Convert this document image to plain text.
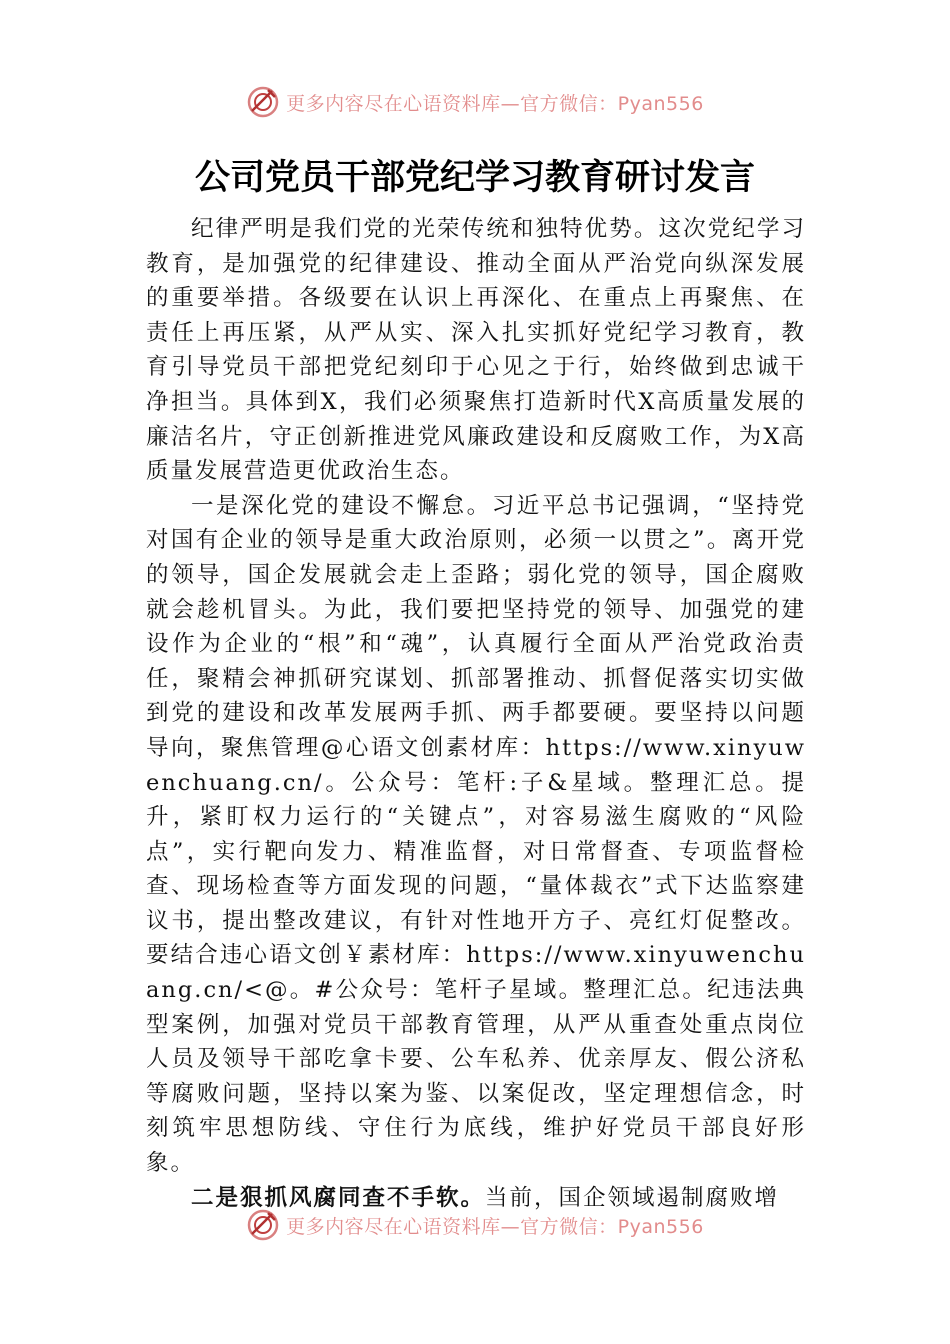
更多内容尽在心语资料库—官方微信：Pyan556
公司党员干部党纪学习教育研讨发言

纪律严明是我们党的光荣传统和独特优势。这次党纪学习教育，是加强党的纪律建设、推动全面从严治党向纵深发展的重要举措。各级要在认识上再深化、在重点上再聚焦、在责任上再压紧，从严从实、深入扎实抓好党纪学习教育，教育引导党员干部把党纪刻印于心见之于行，始终做到忠诚干净担当。具体到X，我们必须聚焦打造新时代X高质量发展的廉洁名片，守正创新推进党风廉政建设和反腐败工作，为X高质量发展营造更优政治生态。

一是深化党的建设不懈怠。习近平总书记强调，“坚持党对国有企业的领导是重大政治原则，必须一以贯之”。离开党的领导，国企发展就会走上歪路；弱化党的领导，国企腐败就会趁机冒头。为此，我们要把坚持党的领导、加强党的建设作为企业的“根”和“魂”，认真履行全面从严治党政治责任，聚精会神抓研究谋划、抓部署推动、抓督促落实切实做到党的建设和改革发展两手抓、两手都要硬。要坚持以问题导向，聚焦管理@心语文创素材库：https://www.xinyuwenchuang.cn/。公众号：笔杆:子&星域。整理汇总。提升，紧盯权力运行的“关键点”，对容易滋生腐败的“风险点”，实行靶向发力、精准监督，对日常督查、专项监督检查、现场检查等方面发现的问题，“量体裁衣”式下达监察建议书，提出整改建议，有针对性地开方子、亮红灯促整改。要结合违心语文创￥素材库：https://www.xinyuwenchuang.cn/<@。#公众号：笔杆子星域。整理汇总。纪违法典型案例，加强对党员干部教育管理，从严从重查处重点岗位人员及领导干部吃拿卡要、公车私养、优亲厚友、假公济私等腐败问题，坚持以案为鉴、以案促改，坚定理想信念，时刻筑牢思想防线、守住行为底线，维护好党员干部良好形象。

二是狠抓风腐同查不手软。当前，国企领域遏制腐败增

更多内容尽在心语资料库—官方微信：Pyan556
